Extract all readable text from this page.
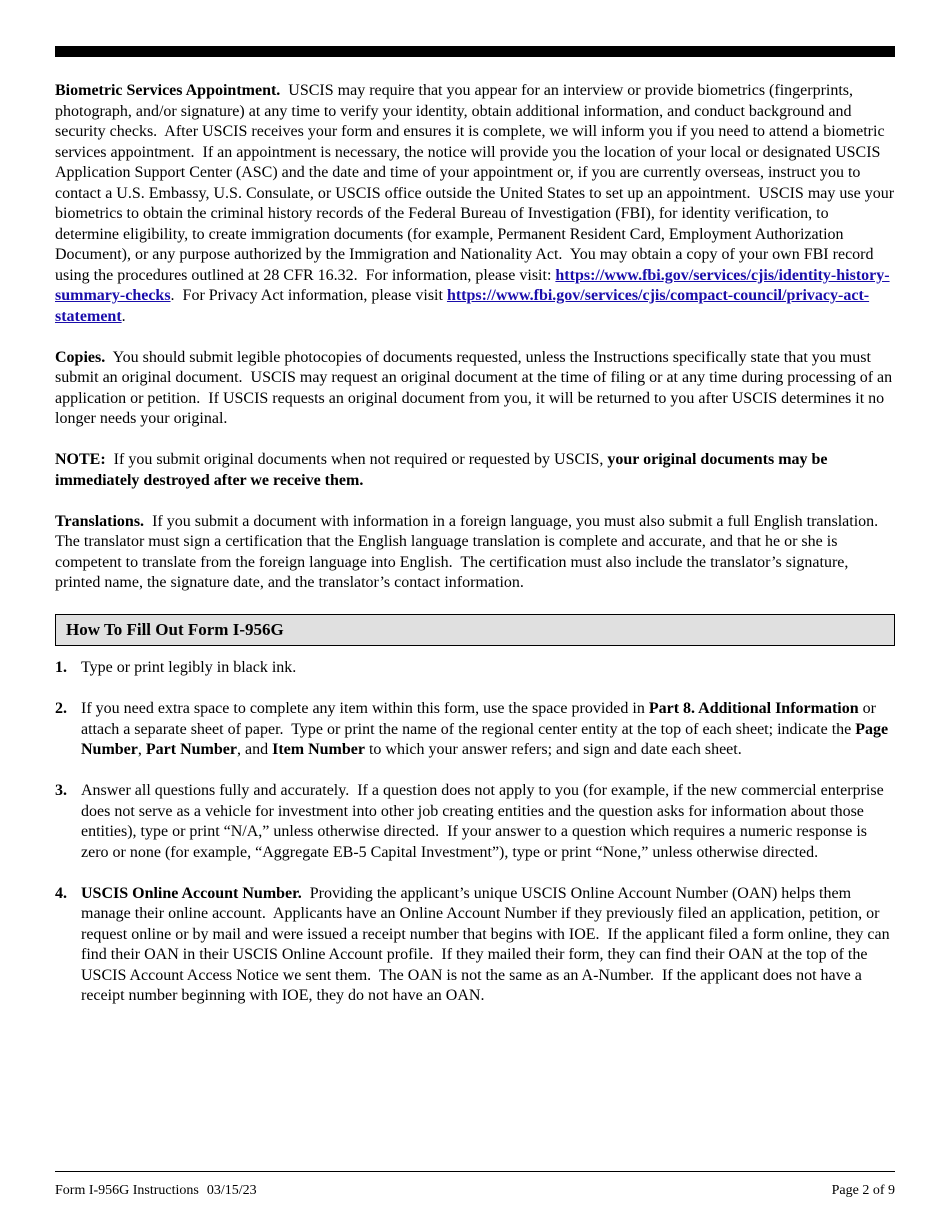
Biometric Services Appointment.  USCIS may require that you appear for an interview or provide biometrics (fingerprints, photograph, and/or signature) at any time to verify your identity, obtain additional information, and conduct background and security checks.  After USCIS receives your form and ensures it is complete, we will inform you if you need to attend a biometric services appointment.  If an appointment is necessary, the notice will provide you the location of your local or designated USCIS Application Support Center (ASC) and the date and time of your appointment or, if you are currently overseas, instruct you to contact a U.S. Embassy, U.S. Consulate, or USCIS office outside the United States to set up an appointment.  USCIS may use your biometrics to obtain the criminal history records of the Federal Bureau of Investigation (FBI), for identity verification, to determine eligibility, to create immigration documents (for example, Permanent Resident Card, Employment Authorization Document), or any purpose authorized by the Immigration and Nationality Act.  You may obtain a copy of your own FBI record using the procedures outlined at 28 CFR 16.32.  For information, please visit: https://www.fbi.gov/services/cjis/identity-history-summary-checks.  For Privacy Act information, please visit https://www.fbi.gov/services/cjis/compact-council/privacy-act-statement.

Copies.  You should submit legible photocopies of documents requested, unless the Instructions specifically state that you must submit an original document.  USCIS may request an original document at the time of filing or at any time during processing of an application or petition.  If USCIS requests an original document from you, it will be returned to you after USCIS determines it no longer needs your original.

NOTE:  If you submit original documents when not required or requested by USCIS, your original documents may be immediately destroyed after we receive them.

Translations.  If you submit a document with information in a foreign language, you must also submit a full English translation.  The translator must sign a certification that the English language translation is complete and accurate, and that he or she is competent to translate from the foreign language into English.  The certification must also include the translator’s signature, printed name, the signature date, and the translator’s contact information.

How To Fill Out Form I-956G
1. Type or print legibly in black ink.
2. If you need extra space to complete any item within this form, use the space provided in Part 8. Additional Information or attach a separate sheet of paper.  Type or print the name of the regional center entity at the top of each sheet; indicate the Page Number, Part Number, and Item Number to which your answer refers; and sign and date each sheet.
3. Answer all questions fully and accurately.  If a question does not apply to you (for example, if the new commercial enterprise does not serve as a vehicle for investment into other job creating entities and the question asks for information about those entities), type or print “N/A,” unless otherwise directed.  If your answer to a question which requires a numeric response is zero or none (for example, “Aggregate EB-5 Capital Investment”), type or print “None,” unless otherwise directed.
4. USCIS Online Account Number.  Providing the applicant’s unique USCIS Online Account Number (OAN) helps them manage their online account.  Applicants have an Online Account Number if they previously filed an application, petition, or request online or by mail and were issued a receipt number that begins with IOE.  If the applicant filed a form online, they can find their OAN in their USCIS Online Account profile.  If they mailed their form, they can find their OAN at the top of the USCIS Account Access Notice we sent them.  The OAN is not the same as an A-Number.  If the applicant does not have a receipt number beginning with IOE, they do not have an OAN.
Form I-956G Instructions 03/15/23	Page 2 of 9
